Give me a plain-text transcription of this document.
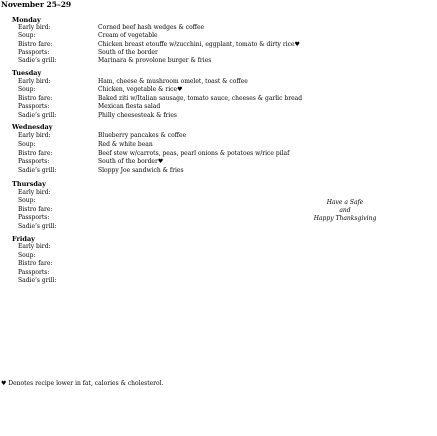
November 25–29
Monday
Early bird:	Corned beef hash wedges & coffee
Soup:	Cream of vegetable
Bistro fare:	Chicken breast etouffe w/zucchini, eggplant, tomato & dirty rice♥
Passports:	South of the border
Sadie’s grill:	Marinara & provolone burger & fries
Tuesday
Early bird:	Ham, cheese & mushroom omelet, toast & coffee
Soup:	Chicken, vegetable & rice♥
Bistro fare:	Baked ziti w/Italian sausage, tomato sauce, cheeses & garlic bread
Passports:	Mexican fiesta salad
Sadie’s grill:	Philly cheesesteak & fries
Wednesday
Early bird:	Blueberry pancakes & coffee
Soup:	Red & white bean
Bistro fare:	Beef stew w/carrots, peas, pearl onions & potatoes w/rice pilaf
Passports:	South of the border♥
Sadie’s grill:	Sloppy Joe sandwich & fries
Thursday
Early bird:
Soup:
Bistro fare:
Passports:
Sadie’s grill:
Have a Safe
and
Happy Thanksgiving
Friday
Early bird:
Soup:
Bistro fare:
Passports:
Sadie’s grill:
♥ Denotes recipe lower in fat, calories & cholesterol.
